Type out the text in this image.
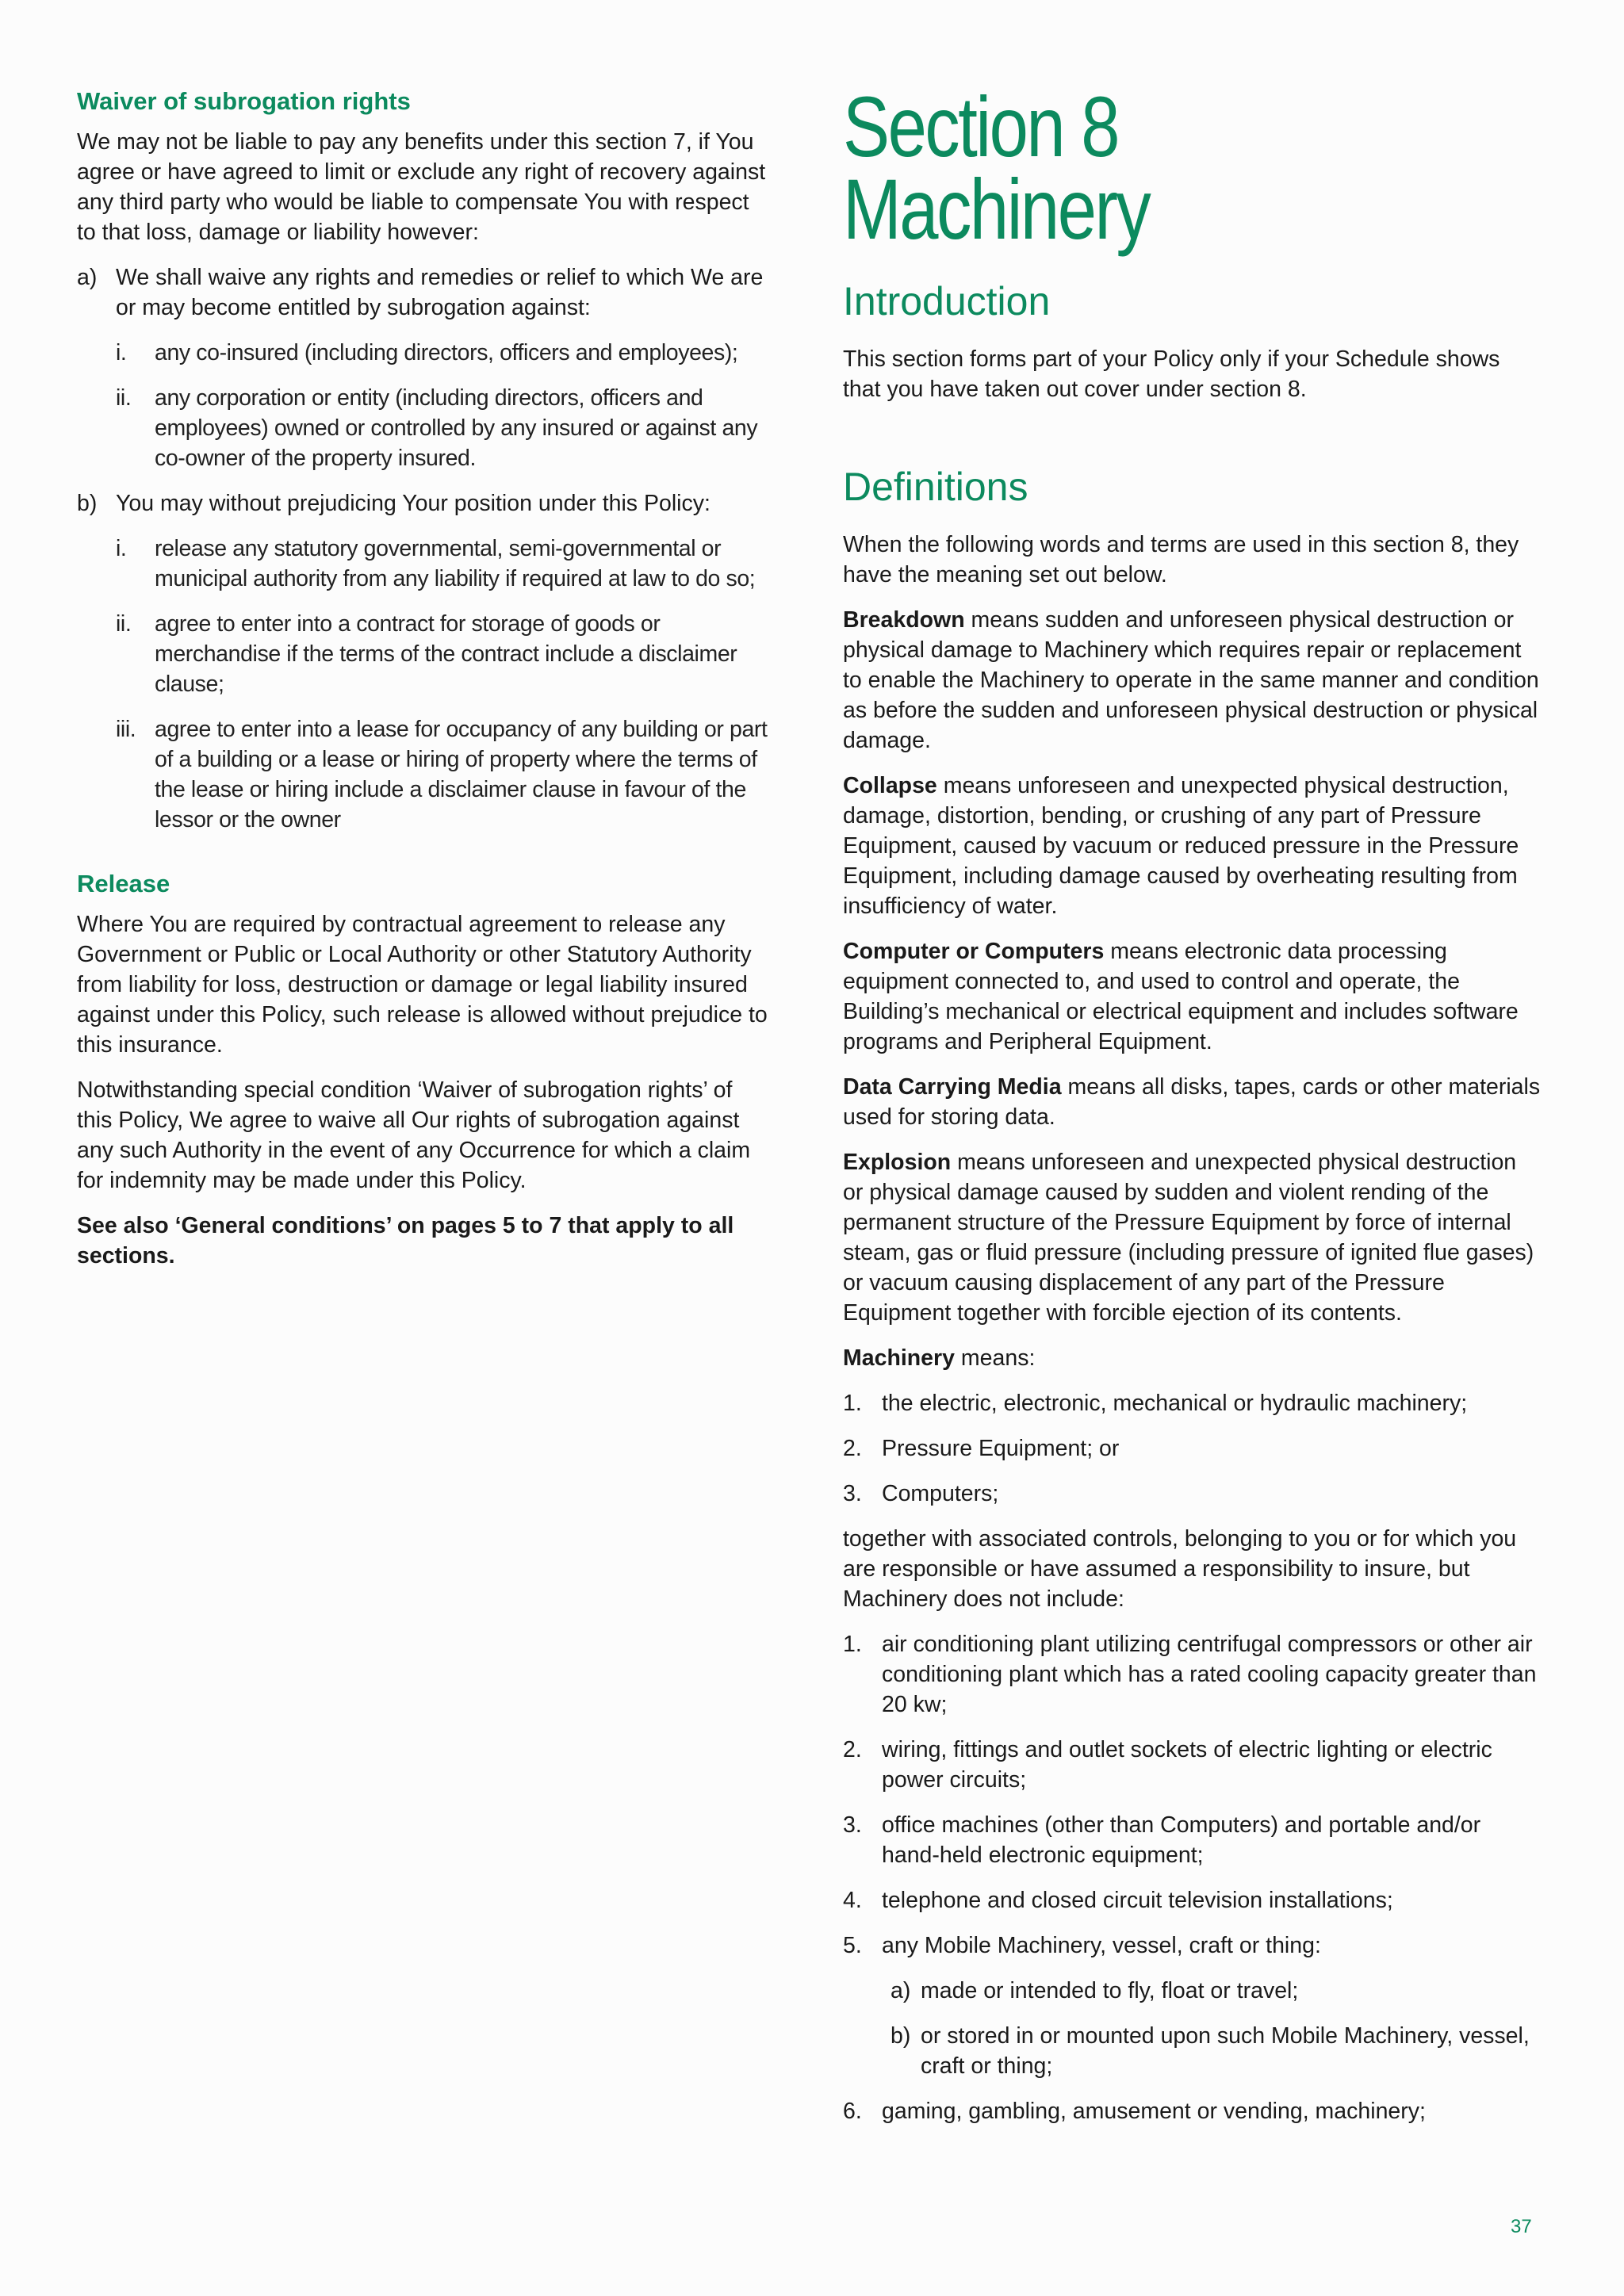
Waiver of subrogation rights

We may not be liable to pay any benefits under this section 7, if You agree or have agreed to limit or exclude any right of recovery against any third party who would be liable to compensate You with respect to that loss, damage or liability however:

a) We shall waive any rights and remedies or relief to which We are or may become entitled by subrogation against:
i.	any co-insured (including directors, officers and employees);
ii.	any corporation or entity (including directors, officers and employees) owned or controlled by any insured or against any co-owner of the property insured.
b) You may without prejudicing Your position under this Policy:
i.	release any statutory governmental, semi-governmental or municipal authority from any liability if required at law to do so;
ii.	agree to enter into a contract for storage of goods or merchandise if the terms of the contract include a disclaimer clause;
iii. agree to enter into a lease for occupancy of any building or part of a building or a lease or hiring of property where the terms of the lease or hiring include a disclaimer clause in favour of the lessor or the owner
Release

Where You are required by contractual agreement to release any Government or Public or Local Authority or other Statutory Authority from liability for loss, destruction or damage or legal liability insured against under this Policy, such release is allowed without prejudice to this insurance.

Notwithstanding special condition ‘Waiver of subrogation rights’ of this Policy, We agree to waive all Our rights of subrogation against any such Authority in the event of any Occurrence for which a claim for indemnity may be made under this Policy.

See also ‘General conditions’ on pages 5 to 7 that apply to all sections.

Section 8
Machinery
Introduction

This section forms part of your Policy only if your Schedule shows that you have taken out cover under section 8.

Definitions

When the following words and terms are used in this section 8, they have the meaning set out below.

Breakdown means sudden and unforeseen physical destruction or physical damage to Machinery which requires repair or replacement to enable the Machinery to operate in the same manner and condition as before the sudden and unforeseen physical destruction or physical damage.

Collapse means unforeseen and unexpected physical destruction, damage, distortion, bending, or crushing of any part of Pressure Equipment, caused by vacuum or reduced pressure in the Pressure Equipment, including damage caused by overheating resulting from insufficiency of water.

Computer or Computers means electronic data processing equipment connected to, and used to control and operate, the Building’s mechanical or electrical equipment and includes software programs and Peripheral Equipment.

Data Carrying Media means all disks, tapes, cards or other materials used for storing data.

Explosion means unforeseen and unexpected physical destruction or physical damage caused by sudden and violent rending of the permanent structure of the Pressure Equipment by force of internal steam, gas or fluid pressure (including pressure of ignited flue gases) or vacuum causing displacement of any part of the Pressure Equipment together with forcible ejection of its contents.

Machinery means:

1. the electric, electronic, mechanical or hydraulic machinery;
2. Pressure Equipment; or
3. Computers;

together with associated controls, belonging to you or for which you are responsible or have assumed a responsibility to insure, but Machinery does not include:

1. air conditioning plant utilizing centrifugal compressors or other air conditioning plant which has a rated cooling capacity greater than 20 kw;
2. wiring, fittings and outlet sockets of electric lighting or electric power circuits;
3. office machines (other than Computers) and portable and/or hand-held electronic equipment;
4. telephone and closed circuit television installations;
5. any Mobile Machinery, vessel, craft or thing:
a) made or intended to fly, float or travel;
b) or stored in or mounted upon such Mobile Machinery, vessel, craft or thing;
6. gaming, gambling, amusement or vending, machinery;
37
